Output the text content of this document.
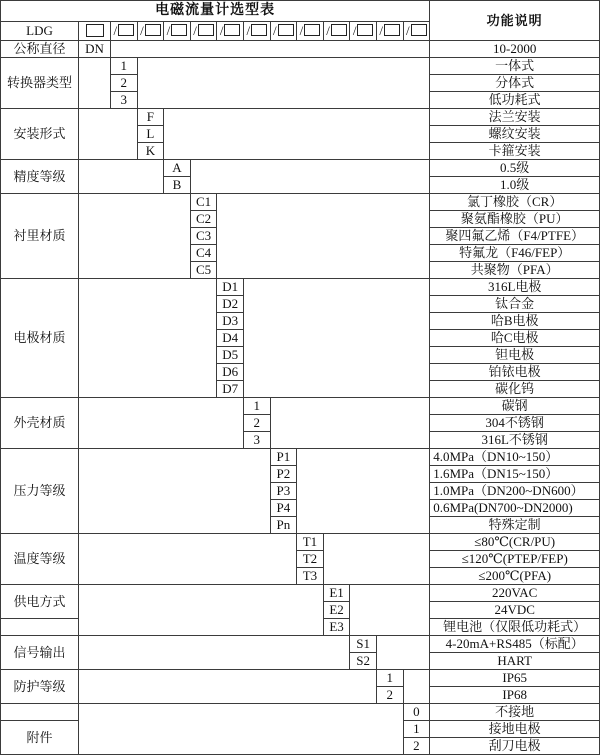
电磁流量计选型表														功能说明
LDG		/	/	/	/	/	/	/	/	/	/	/	/	
公称直径	DN													10-2000
转换器类型		1												一体式
		2												分体式
		3												低功耗式
安装形式			F											法兰安装
			L											螺纹安装
			K											卡箍安装
精度等级				A										0.5级
				B										1.0级
衬里材质					C1									氯丁橡胶（CR）
					C2									聚氨酯橡胶（PU）
					C3									聚四氟乙烯（F4/PTFE）
					C4									特氟龙（F46/FEP）
					C5									共聚物（PFA）
电极材质						D1								316L电极
						D2								钛合金
						D3								哈B电极
						D4								哈C电极
						D5								钽电极
						D6								铂铱电极
						D7								碳化钨
外壳材质							1							碳钢
							2							304不锈钢
							3							316L不锈钢
压力等级								P1						4.0MPa（DN10~150）
								P2						1.6MPa（DN15~150）
								P3						1.0MPa（DN200~DN600）
								P4						0.6MPa(DN700~DN2000)
								Pn						特殊定制
温度等级									T1					≤80℃(CR/PU)
									T2					≤120℃(PTEP/FEP)
									T3					≤200℃(PFA)
供电方式										E1				220VAC
										E2				24VDC
										E3				锂电池（仅限低功耗式）
信号输出											S1			4-20mA+RS485（标配）
											S2			HART
防护等级												1		IP65
												2		IP68
													0	不接地
附件													1	接地电极
													2	刮刀电极
